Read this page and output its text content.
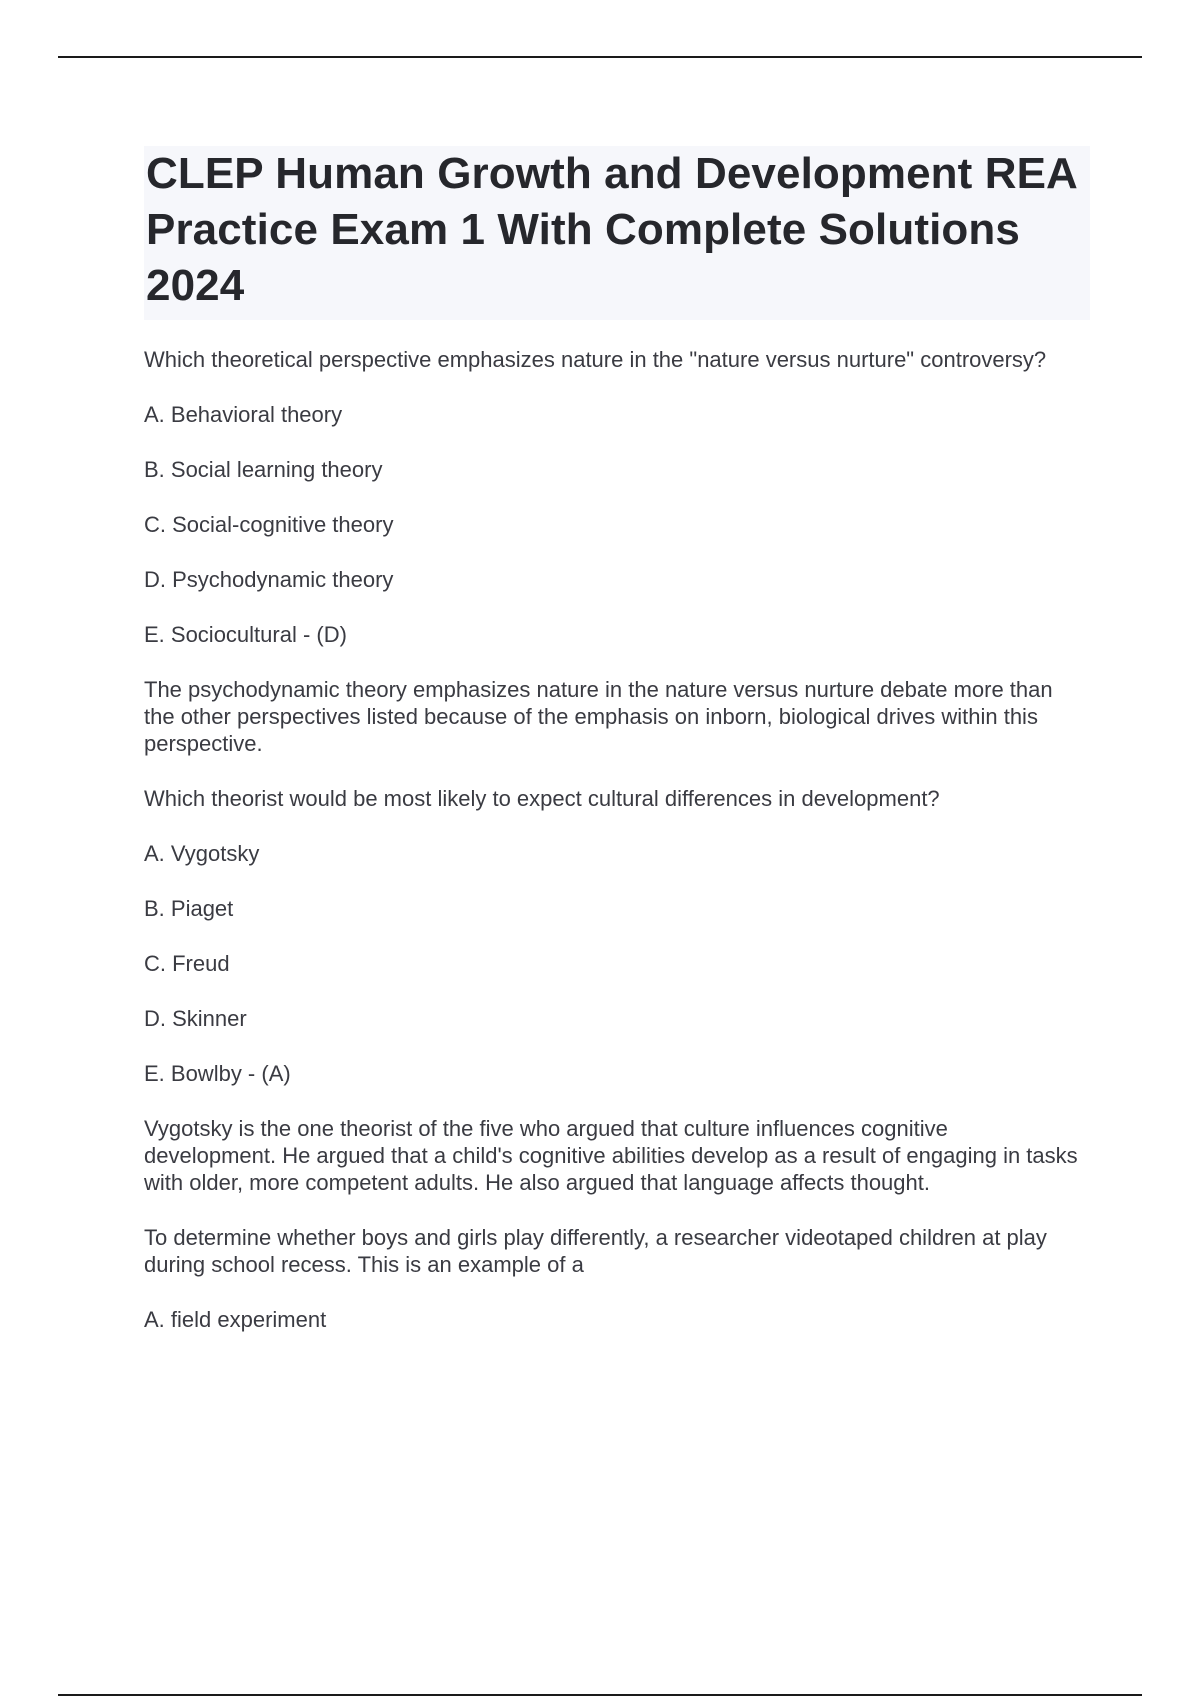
CLEP Human Growth and Development REA Practice Exam 1 With Complete Solutions 2024
Which theoretical perspective emphasizes nature in the "nature versus nurture" controversy?
A. Behavioral theory
B. Social learning theory
C. Social-cognitive theory
D. Psychodynamic theory
E. Sociocultural - (D)
The psychodynamic theory emphasizes nature in the nature versus nurture debate more than the other perspectives listed because of the emphasis on inborn, biological drives within this perspective.
Which theorist would be most likely to expect cultural differences in development?
A. Vygotsky
B. Piaget
C. Freud
D. Skinner
E. Bowlby - (A)
Vygotsky is the one theorist of the five who argued that culture influences cognitive development. He argued that a child's cognitive abilities develop as a result of engaging in tasks with older, more competent adults. He also argued that language affects thought.
To determine whether boys and girls play differently, a researcher videotaped children at play during school recess. This is an example of a
A. field experiment
